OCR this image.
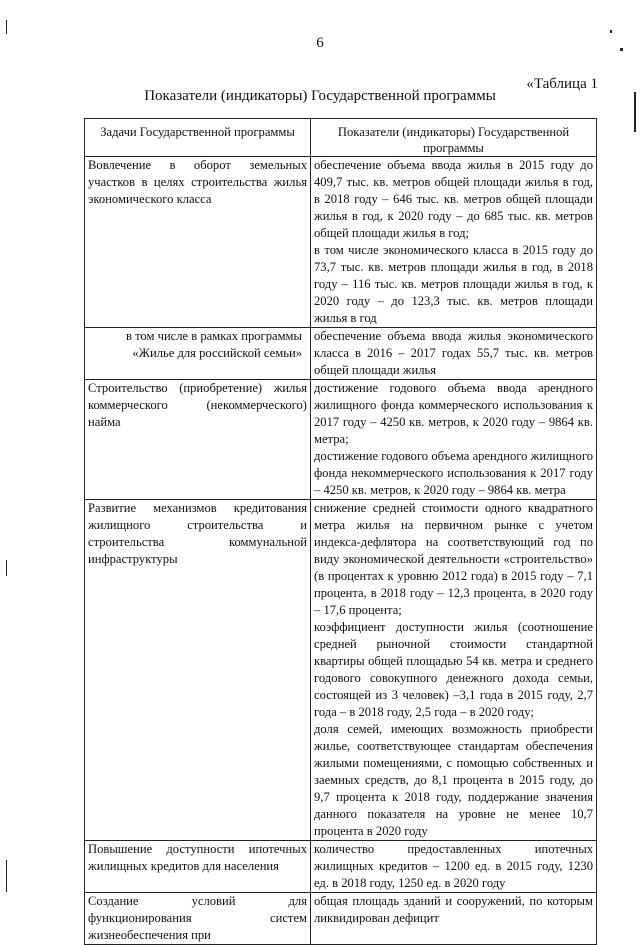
6
«Таблица 1
Показатели (индикаторы) Государственной программы
Задачи Государственной программы	Показатели (индикаторы) Государственной программы
Вовлечение в оборот земельных участков в целях строительства жилья экономического класса	обеспечение объема ввода жилья в 2015 году до 409,7 тыс. кв. метров общей площади жилья в год, в 2018 году – 646 тыс. кв. метров общей площади жилья в год, к 2020 году – до 685 тыс. кв. метров общей площади жилья в год;

в том числе экономического класса в 2015 году до 73,7 тыс. кв. метров площади жилья в год, в 2018 году – 116 тыс. кв. метров площади жилья в год, к 2020 году – до 123,3 тыс. кв. метров площади жилья в год

в том числе в рамках программы «Жилье для российской семьи»	обеспечение объема ввода жилья экономического класса в 2016 – 2017 годах 55,7 тыс. кв. метров общей площади жилья

Строительство (приобретение) жилья коммерческого (некоммерческого) найма	достижение годового объема ввода арендного жилищного фонда коммерческого использования к 2017 году – 4250 кв. метров, к 2020 году – 9864 кв. метра;

достижение годового объема арендного жилищного фонда некоммерческого использования к 2017 году – 4250 кв. метров, к 2020 году – 9864 кв. метра

Развитие механизмов кредитования жилищного строительства и строительства коммунальной инфраструктуры	снижение средней стоимости одного квадратного метра жилья на первичном рынке с учетом индекса-дефлятора на соответствующий год по виду экономической деятельности «строительство» (в процентах к уровню 2012 года) в 2015 году – 7,1 процента, в 2018 году – 12,3 процента, в 2020 году – 17,6 процента;

коэффициент доступности жилья (соотношение средней рыночной стоимости стандартной квартиры общей площадью 54 кв. метра и среднего годового совокупного денежного дохода семьи, состоящей из 3 человек) –3,1 года в 2015 году, 2,7 года – в 2018 году, 2,5 года – в 2020 году;

доля семей, имеющих возможность приобрести жилье, соответствующее стандартам обеспечения жилыми помещениями, с помощью собственных и заемных средств, до 8,1 процента в 2015 году, до 9,7 процента к 2018 году, поддержание значения данного показателя на уровне не менее 10,7 процента в 2020 году

Повышение доступности ипотечных жилищных кредитов для населения	количество предоставленных ипотечных жилищных кредитов – 1200 ед. в 2015 году, 1230 ед. в 2018 году, 1250 ед. в 2020 году

Создание условий для функционирования систем жизнеобеспечения при	общая площадь зданий и сооружений, по которым ликвидирован дефицит
